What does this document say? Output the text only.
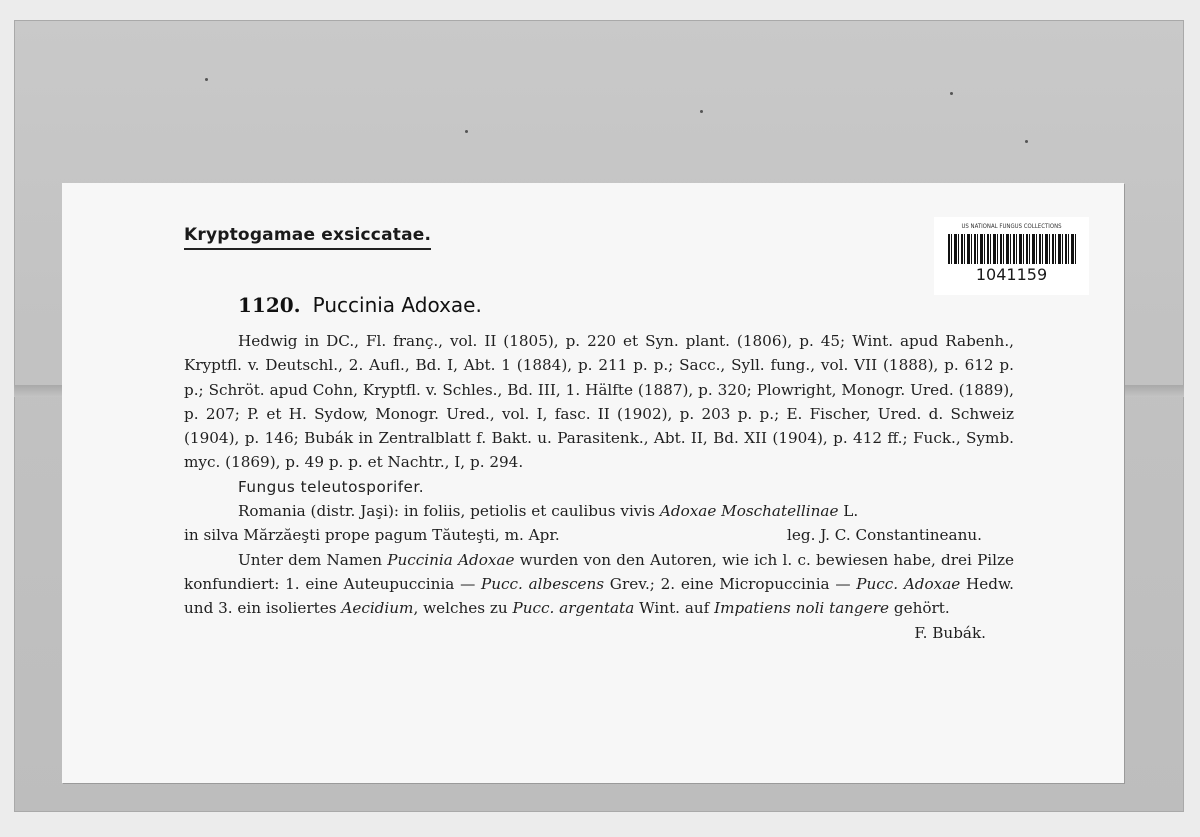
Kryptogamae exsiccatae.	US NATIONAL FUNGUS COLLECTIONS
1041159
1120. Puccinia Adoxae.

Hedwig in DC., Fl. franç., vol. II (1805), p. 220 et Syn. plant. (1806), p. 45; Wint. apud Rabenh., Kryptfl. v. Deutschl., 2. Aufl., Bd. I, Abt. 1 (1884), p. 211 p. p.; Sacc., Syll. fung., vol. VII (1888), p. 612 p. p.; Schröt. apud Cohn, Kryptfl. v. Schles., Bd. III, 1. Hälfte (1887), p. 320; Plowright, Monogr. Ured. (1889), p. 207; P. et H. Sydow, Monogr. Ured., vol. I, fasc. II (1902), p. 203 p. p.; E. Fischer, Ured. d. Schweiz (1904), p. 146; Bubák in Zentralblatt f. Bakt. u. Parasitenk., Abt. II, Bd. XII (1904), p. 412 ff.; Fuck., Symb. myc. (1869), p. 49 p. p. et Nachtr., I, p. 294.

Fungus teleutosporifer.

Romania (distr. Jaşi): in foliis, petiolis et caulibus vivis Adoxae Moschatellinae L.

in silva Mărzăeşti prope pagum Tăuteşti, m. Apr.	leg. J. C. Constantineanu.

Unter dem Namen Puccinia Adoxae wurden von den Autoren, wie ich l. c. bewiesen habe, drei Pilze konfundiert: 1. eine Auteupuccinia — Pucc. albescens Grev.; 2. eine Micropuccinia — Pucc. Adoxae Hedw. und 3. ein isoliertes Aecidium, welches zu Pucc. argentata Wint. auf Impatiens noli tangere gehört.

F. Bubák.
